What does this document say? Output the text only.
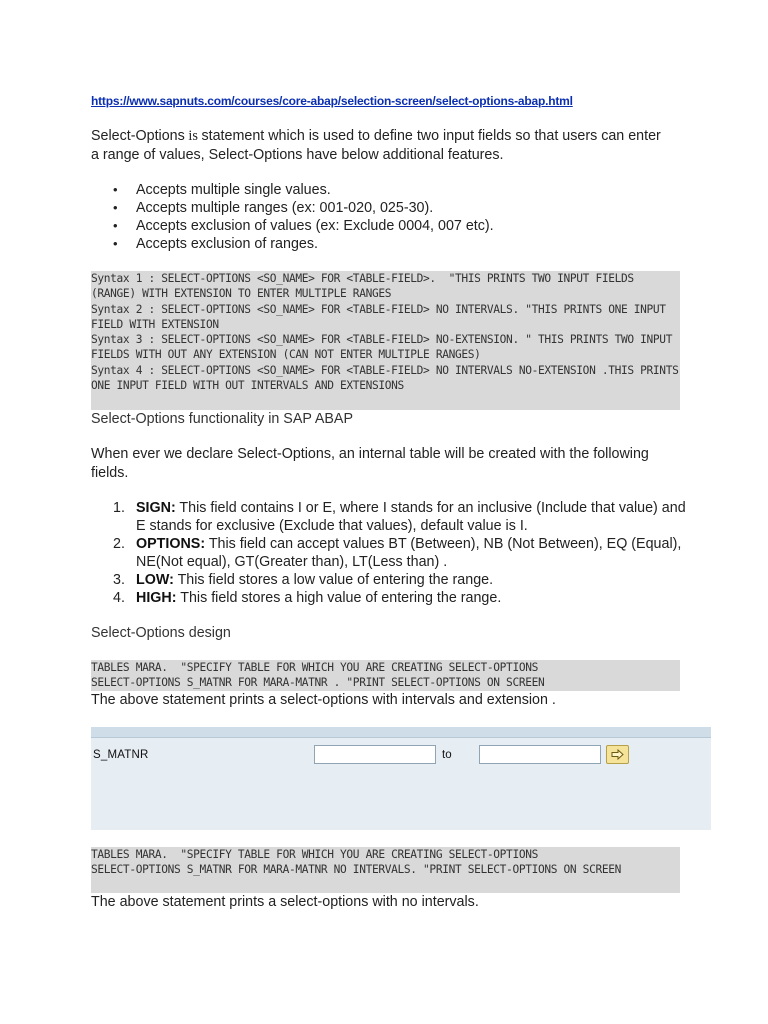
https://www.sapnuts.com/courses/core-abap/selection-screen/select-options-abap.html
Select-Options is statement which is used to define two input fields so that users can enter a range of values, Select-Options have below additional features.
• Accepts multiple single values.
• Accepts multiple ranges (ex: 001-020, 025-30).
• Accepts exclusion of values (ex: Exclude 0004, 007 etc).
• Accepts exclusion of ranges.
Syntax 1 : SELECT-OPTIONS <SO_NAME> FOR <TABLE-FIELD>.  "THIS PRINTS TWO INPUT FIELDS (RANGE) WITH EXTENSION TO ENTER MULTIPLE RANGES
Syntax 2 : SELECT-OPTIONS <SO_NAME> FOR <TABLE-FIELD> NO INTERVALS. "THIS PRINTS ONE INPUT FIELD WITH EXTENSION
Syntax 3 : SELECT-OPTIONS <SO_NAME> FOR <TABLE-FIELD> NO-EXTENSION. " THIS PRINTS TWO INPUT FIELDS WITH OUT ANY EXTENSION (CAN NOT ENTER MULTIPLE RANGES)
Syntax 4 : SELECT-OPTIONS <SO_NAME> FOR <TABLE-FIELD> NO INTERVALS NO-EXTENSION .THIS PRINTS ONE INPUT FIELD WITH OUT INTERVALS AND EXTENSIONS
Select-Options functionality in SAP ABAP
When ever we declare Select-Options, an internal table will be created with the following fields.
SIGN: This field contains I or E, where I stands for an inclusive (Include that value) and E stands for exclusive (Exclude that values), default value is I.
OPTIONS: This field can accept values BT (Between), NB (Not Between), EQ (Equal), NE(Not equal), GT(Greater than), LT(Less than) .
LOW: This field stores a low value of entering the range.
HIGH: This field stores a high value of entering the range.
Select-Options design
TABLES MARA.  "SPECIFY TABLE FOR WHICH YOU ARE CREATING SELECT-OPTIONS
SELECT-OPTIONS S_MATNR FOR MARA-MATNR . "PRINT SELECT-OPTIONS ON SCREEN
The above statement prints a select-options with intervals and extension .
S_MATNR	to
TABLES MARA.  "SPECIFY TABLE FOR WHICH YOU ARE CREATING SELECT-OPTIONS
SELECT-OPTIONS S_MATNR FOR MARA-MATNR NO INTERVALS. "PRINT SELECT-OPTIONS ON SCREEN
The above statement prints a select-options with no intervals.
